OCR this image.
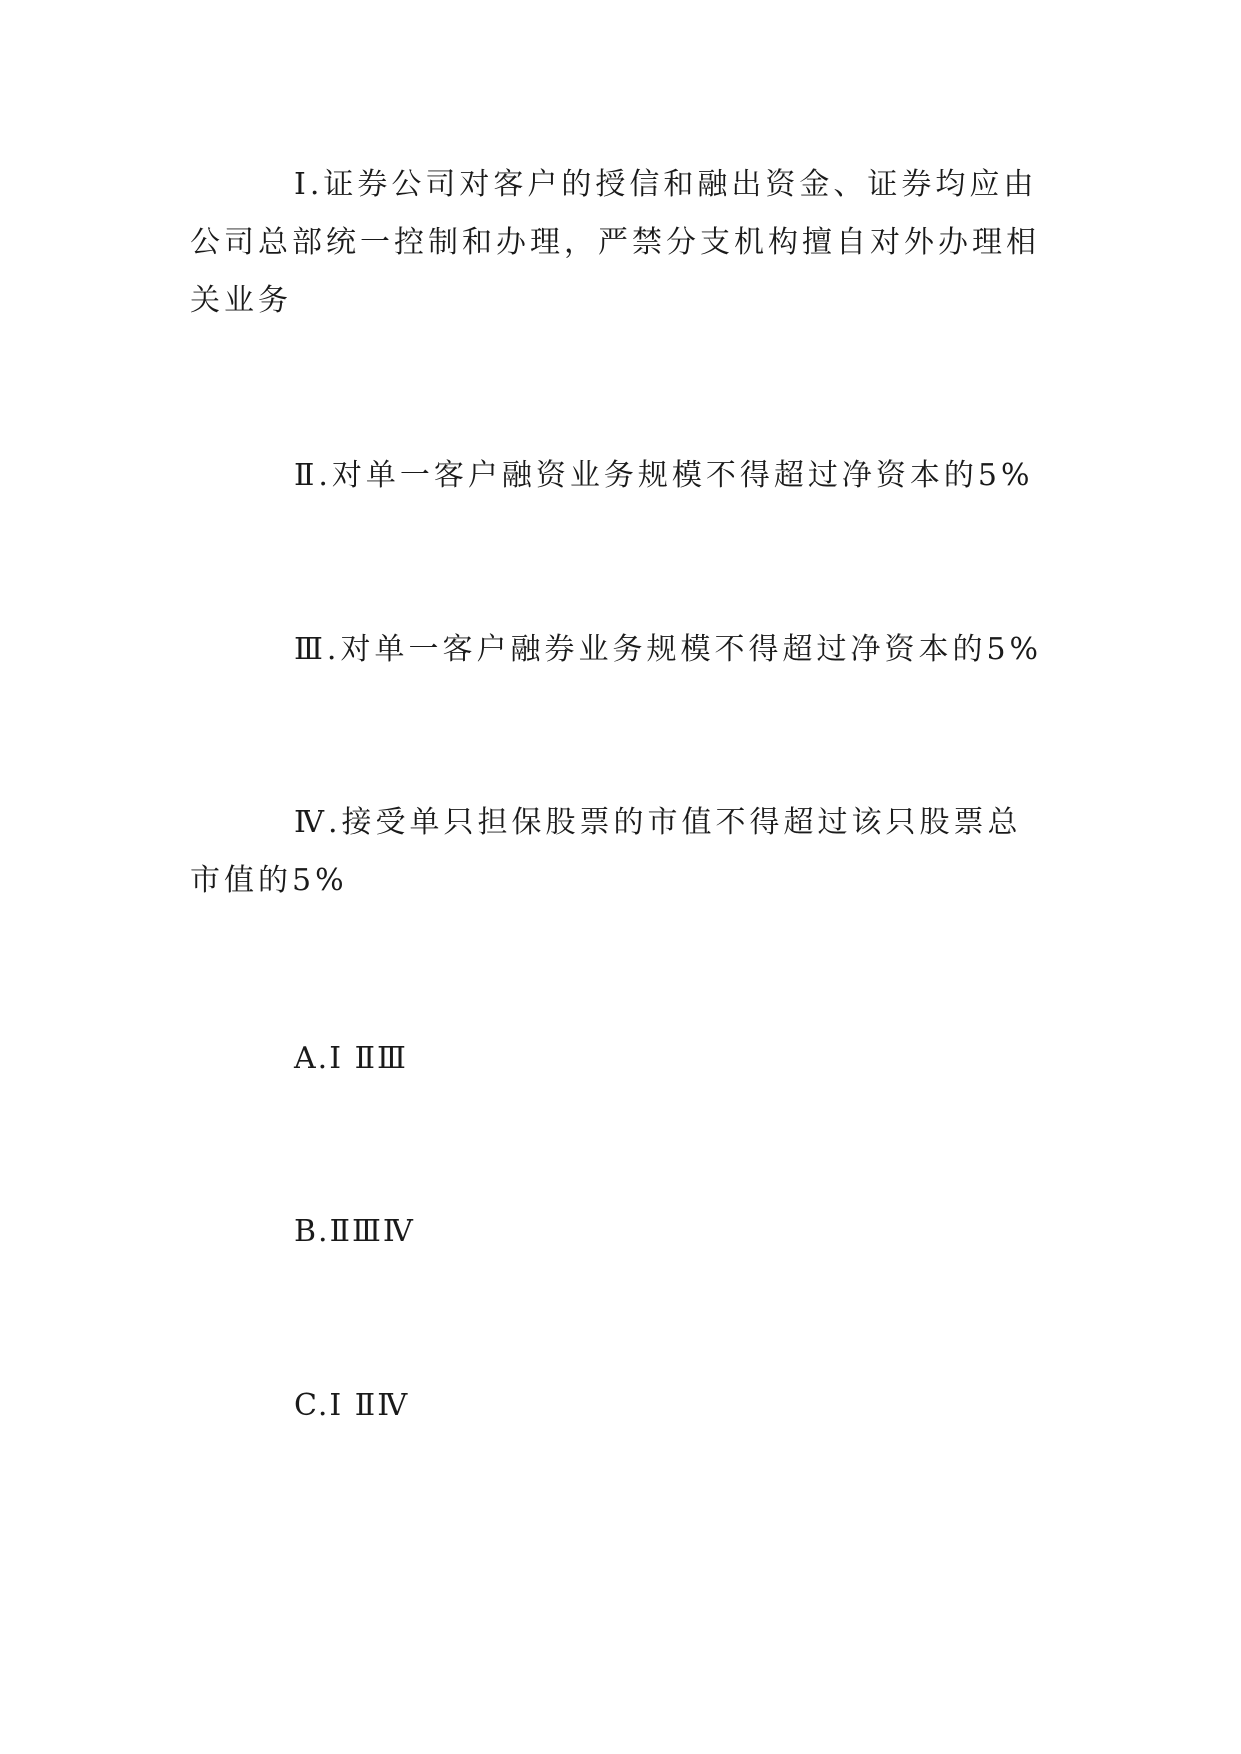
Ⅰ.证券公司对客户的授信和融出资金、证券均应由公司总部统一控制和办理，严禁分支机构擅自对外办理相关业务

Ⅱ.对单一客户融资业务规模不得超过净资本的5%

Ⅲ.对单一客户融券业务规模不得超过净资本的5%

Ⅳ.接受单只担保股票的市值不得超过该只股票总市值的5%

A.Ⅰ ⅡⅢ

B.ⅡⅢⅣ

C.Ⅰ ⅡⅣ
